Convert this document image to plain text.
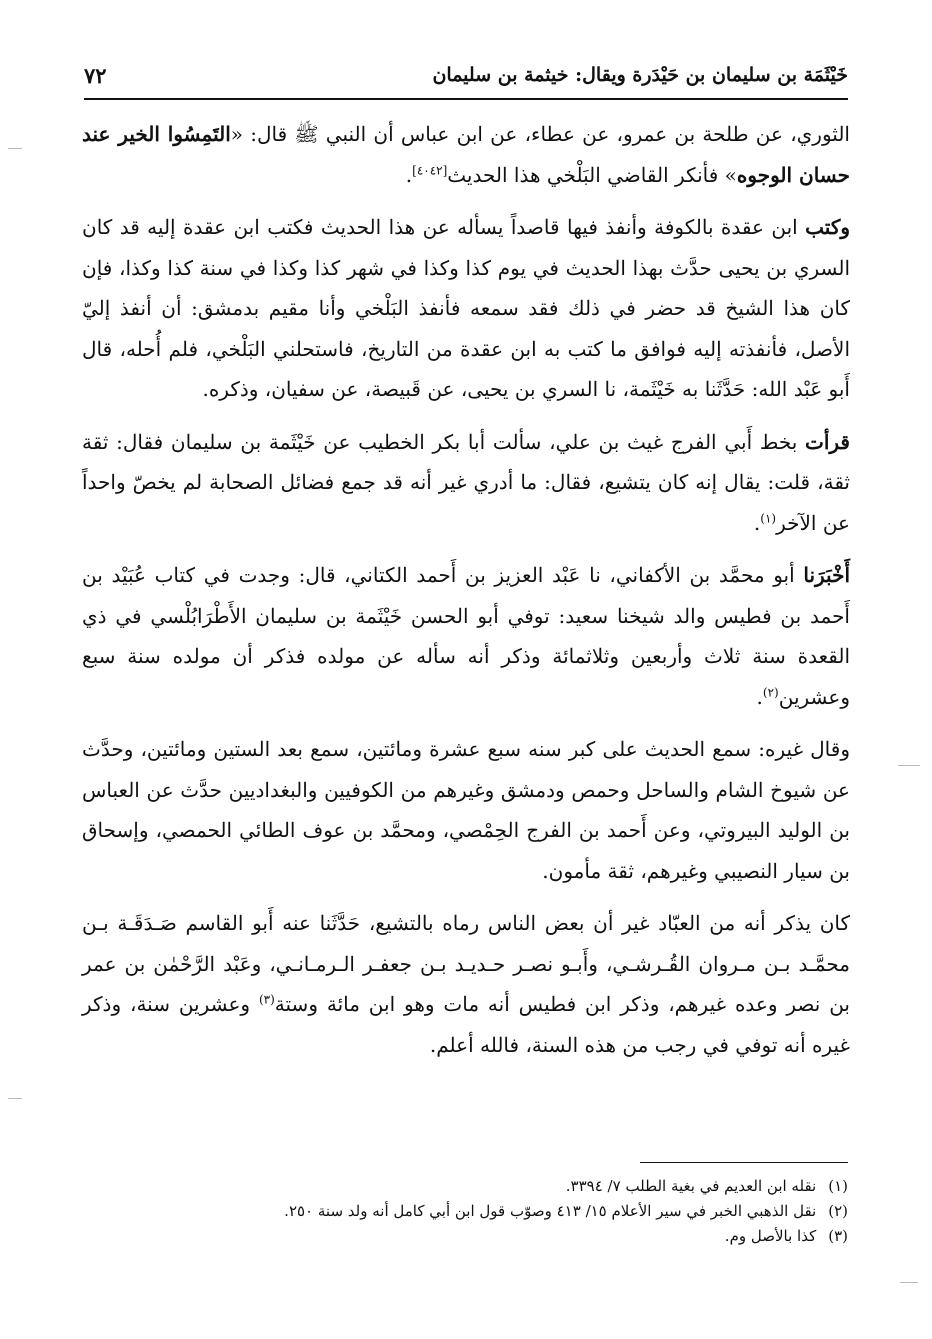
خَيْثَمَة بن سليمان بن حَيْدَرة ويقال: خيثمة بن سليمان
٧٢

الثوري، عن طلحة بن عمرو، عن عطاء، عن ابن عباس أن النبي ﷺ قال: «التَمِسُوا الخير عند حسان الوجوه» فأنكر القاضي البَلْخي هذا الحديث[٤٠٤٢].

وكتب ابن عقدة بالكوفة وأنفذ فيها قاصداً يسأله عن هذا الحديث فكتب ابن عقدة إليه قد كان السري بن يحيى حدَّث بهذا الحديث في يوم كذا وكذا في شهر كذا وكذا في سنة كذا وكذا، فإن كان هذا الشيخ قد حضر في ذلك فقد سمعه فأنفذ البَلْخي وأنا مقيم بدمشق: أن أنفذ إليّ الأصل، فأنفذته إليه فوافق ما كتب به ابن عقدة من التاريخ، فاستحلني البَلْخي، فلم أُحله، قال أَبو عَبْد الله: حَدَّثَنا به خَيْثَمة، نا السري بن يحيى، عن قَبيصة، عن سفيان، وذكره.

قرأت بخط أَبي الفرج غيث بن علي، سألت أبا بكر الخطيب عن خَيْثَمة بن سليمان فقال: ثقة ثقة، قلت: يقال إنه كان يتشيع، فقال: ما أدري غير أنه قد جمع فضائل الصحابة لم يخصّ واحداً عن الآخر$^{(١)}$.

أَخْبَرَنا أبو محمَّد بن الأكفاني، نا عَبْد العزيز بن أَحمد الكتاني، قال: وجدت في كتاب عُبَيْد بن أَحمد بن فطيس والد شيخنا سعيد: توفي أبو الحسن خَيْثَمة بن سليمان الأَطْرَابُلْسي في ذي القعدة سنة ثلاث وأربعين وثلاثمائة وذكر أنه سأله عن مولده فذكر أن مولده سنة سبع وعشرين$^{(٢)}$.

وقال غيره: سمع الحديث على كبر سنه سبع عشرة ومائتين، سمع بعد الستين ومائتين، وحدَّث عن شيوخ الشام والساحل وحمص ودمشق وغيرهم من الكوفيين والبغداديين حدَّث عن العباس بن الوليد البيروتي، وعن أَحمد بن الفرج الحِمْصي، ومحمَّد بن عوف الطائي الحمصي، وإسحاق بن سيار النصيبي وغيرهم، ثقة مأمون.

كان يذكر أنه من العبّاد غير أن بعض الناس رماه بالتشيع، حَدَّثَنا عنه أَبو القاسم صَـدَقَـة بـن محمَّـد بـن مـروان القُـرشـي، وأَبـو نصـر حـديـد بـن جعفـر الـرمـانـي، وعَبْد الرَّحْمٰن بن عمر بن نصر وعده غيرهم، وذكر ابن فطيس أنه مات وهو ابن مائة وستة$^{(٣)}$ وعشرين سنة، وذكر غيره أنه توفي في رجب من هذه السنة، فالله أعلم.

(١)نقله ابن العديم في بغية الطلب ٧/ ٣٣٩٤.
(٢)نقل الذهبي الخبر في سير الأعلام ١٥/ ٤١٣ وصوّب قول ابن أبي كامل أنه ولد سنة ٢٥٠.
(٣)كذا بالأصل وم.
